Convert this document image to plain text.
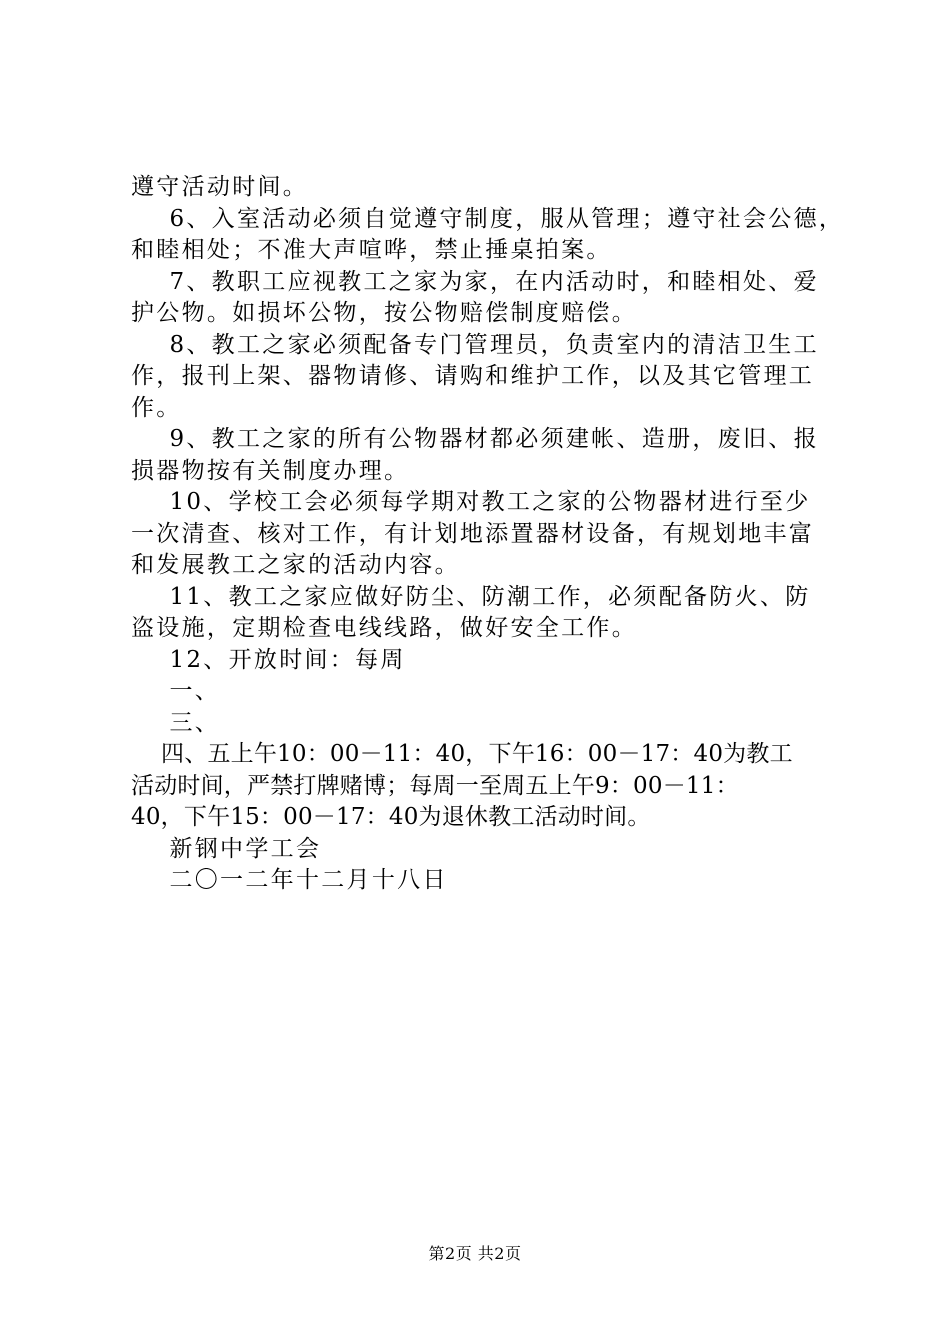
遵守活动时间。
6、入室活动必须自觉遵守制度，服从管理；遵守社会公德，
和睦相处；不准大声喧哗，禁止捶桌拍案。
7、教职工应视教工之家为家，在内活动时，和睦相处、爱
护公物。如损坏公物，按公物赔偿制度赔偿。
8、教工之家必须配备专门管理员，负责室内的清洁卫生工
作，报刊上架、器物请修、请购和维护工作，以及其它管理工
作。
9、教工之家的所有公物器材都必须建帐、造册，废旧、报
损器物按有关制度办理。
10、学校工会必须每学期对教工之家的公物器材进行至少
一次清查、核对工作，有计划地添置器材设备，有规划地丰富
和发展教工之家的活动内容。
11、教工之家应做好防尘、防潮工作，必须配备防火、防
盗设施，定期检查电线线路，做好安全工作。
12、开放时间：每周
一、
三、
四、五上午10：00－11：40，下午16：00－17：40为教工
活动时间，严禁打牌赌博；每周一至周五上午9：00－11：
40，下午15：00－17：40为退休教工活动时间。
新钢中学工会
二〇一二年十二月十八日
第2页 共2页
